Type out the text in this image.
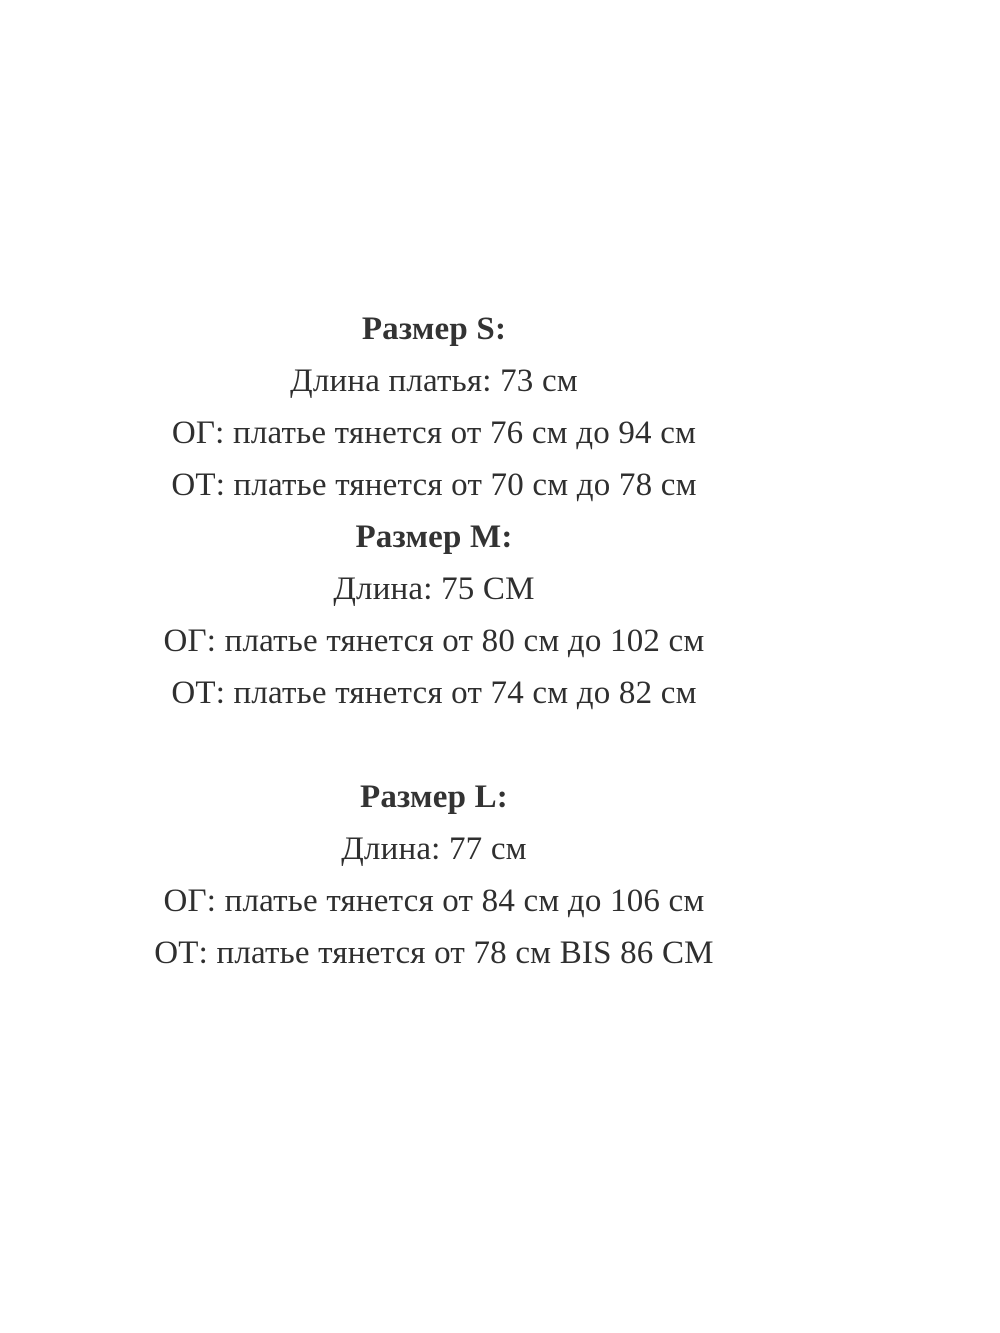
Размер S:
Длина платья: 73 см
ОГ: платье тянется от 76 см до 94 см
ОТ: платье тянется от 70 см до 78 см
Размер M:
Длина: 75 СМ
ОГ: платье тянется от 80 см до 102 см
ОТ: платье тянется от 74 см до 82 см
Размер L:
Длина: 77 см
ОГ: платье тянется от 84 см до 106 см
ОТ: платье тянется от 78 см BIS 86 СМ
